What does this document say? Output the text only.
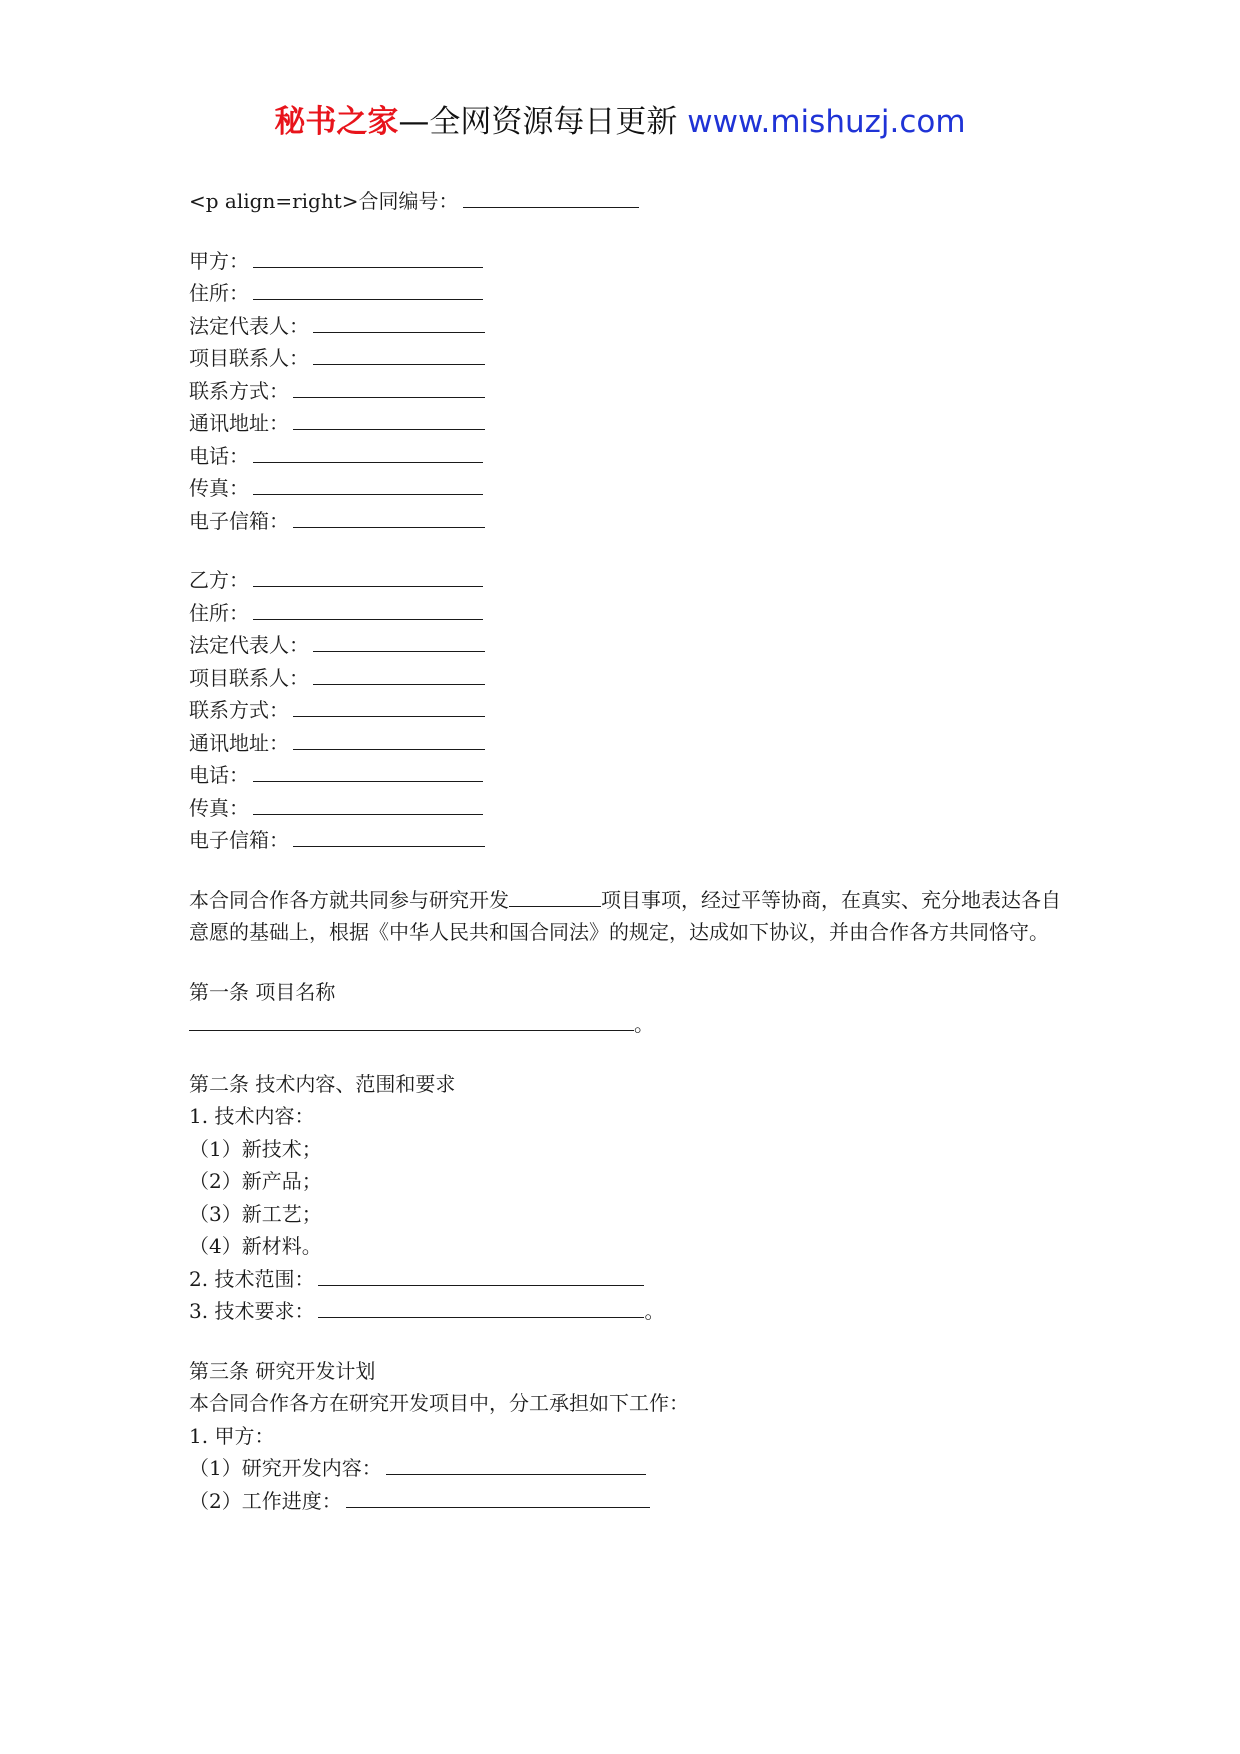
秘书之家—全网资源每日更新 www.mishuzj.com
<p align=right>合同编号：
甲方：
住所：
法定代表人：
项目联系人：
联系方式：
通讯地址：
电话：
传真：
电子信箱：
乙方：
住所：
法定代表人：
项目联系人：
联系方式：
通讯地址：
电话：
传真：
电子信箱：
本合同合作各方就共同参与研究开发	项目事项，经过平等协商，在真实、充分地表达各自意愿的基础上，根据《中华人民共和国合同法》的规定，达成如下协议，并由合作各方共同恪守。
第一条 项目名称
。
第二条 技术内容、范围和要求
1. 技术内容：
（1）新技术；
（2）新产品；
（3）新工艺；
（4）新材料。
2. 技术范围：
3. 技术要求：	。
第三条 研究开发计划
本合同合作各方在研究开发项目中，分工承担如下工作：
1. 甲方：
（1）研究开发内容：
（2）工作进度：
